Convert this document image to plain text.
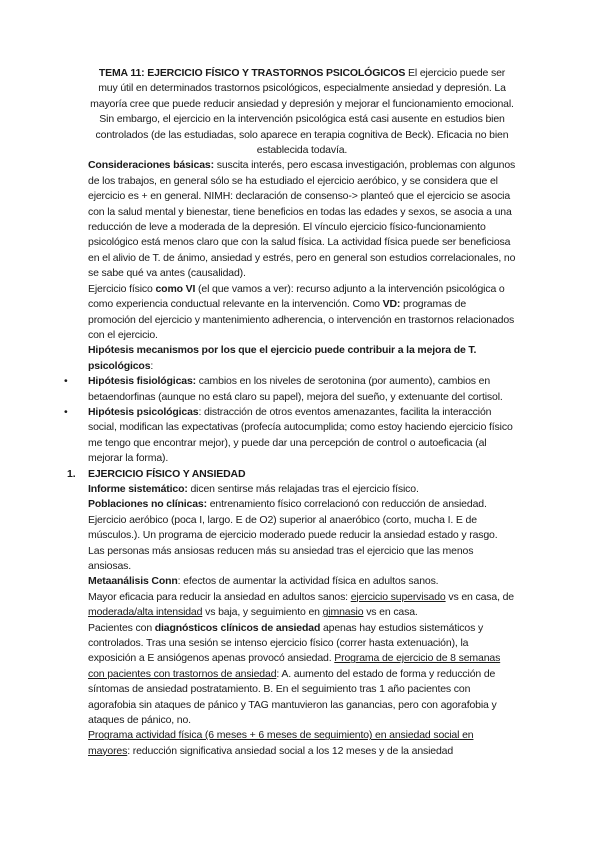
TEMA 11: EJERCICIO FÍSICO Y TRASTORNOS PSICOLÓGICOS El ejercicio puede ser muy útil en determinados trastornos psicológicos, especialmente ansiedad y depresión. La mayoría cree que puede reducir ansiedad y depresión y mejorar el funcionamiento emocional. Sin embargo, el ejercicio en la intervención psicológica está casi ausente en estudios bien controlados (de las estudiadas, solo aparece en terapia cognitiva de Beck). Eficacia no bien establecida todavía.

Consideraciones básicas: suscita interés, pero escasa investigación, problemas con algunos de los trabajos, en general sólo se ha estudiado el ejercicio aeróbico, y se considera que el ejercicio es + en general. NIMH: declaración de consenso-> planteó que el ejercicio se asocia con la salud mental y bienestar, tiene beneficios en todas las edades y sexos, se asocia a una reducción de leve a moderada de la depresión. El vínculo ejercicio físico-funcionamiento psicológico está menos claro que con la salud física. La actividad física puede ser beneficiosa en el alivio de T. de ánimo, ansiedad y estrés, pero en general son estudios correlacionales, no se sabe qué va antes (causalidad).

Ejercicio físico como VI (el que vamos a ver): recurso adjunto a la intervención psicológica o como experiencia conductual relevante en la intervención. Como VD: programas de promoción del ejercicio y mantenimiento adherencia, o intervención en trastornos relacionados con el ejercicio.

Hipótesis mecanismos por los que el ejercicio puede contribuir a la mejora de T. psicológicos:

• Hipótesis fisiológicas: cambios en los niveles de serotonina (por aumento), cambios en betaendorfinas (aunque no está claro su papel), mejora del sueño, y extenuante del cortisol.
• Hipótesis psicológicas: distracción de otros eventos amenazantes, facilita la interacción social, modifican las expectativas (profecía autocumplida; como estoy haciendo ejercicio físico me tengo que encontrar mejor), y puede dar una percepción de control o autoeficacia (al mejorar la forma).

1. EJERCICIO FÍSICO Y ANSIEDAD

Informe sistemático: dicen sentirse más relajadas tras el ejercicio físico.

Poblaciones no clínicas: entrenamiento físico correlacionó con reducción de ansiedad. Ejercicio aeróbico (poca I, largo. E de O2) superior al anaeróbico (corto, mucha I. E de músculos.). Un programa de ejercicio moderado puede reducir la ansiedad estado y rasgo. Las personas más ansiosas reducen más su ansiedad tras el ejercicio que las menos ansiosas.

Metaanálisis Conn: efectos de aumentar la actividad física en adultos sanos.

Mayor eficacia para reducir la ansiedad en adultos sanos: ejercicio supervisado vs en casa, de moderada/alta intensidad vs baja, y seguimiento en gimnasio vs en casa.

Pacientes con diagnósticos clínicos de ansiedad apenas hay estudios sistemáticos y controlados. Tras una sesión se intenso ejercicio físico (correr hasta extenuación), la exposición a E ansiógenos apenas provocó ansiedad. Programa de ejercicio de 8 semanas con pacientes con trastornos de ansiedad: A. aumento del estado de forma y reducción de síntomas de ansiedad postratamiento. B. En el seguimiento tras 1 año pacientes con agorafobia sin ataques de pánico y TAG mantuvieron las ganancias, pero con agorafobia y ataques de pánico, no.

Programa actividad física (6 meses + 6 meses de seguimiento) en ansiedad social en mayores: reducción significativa ansiedad social a los 12 meses y de la ansiedad
